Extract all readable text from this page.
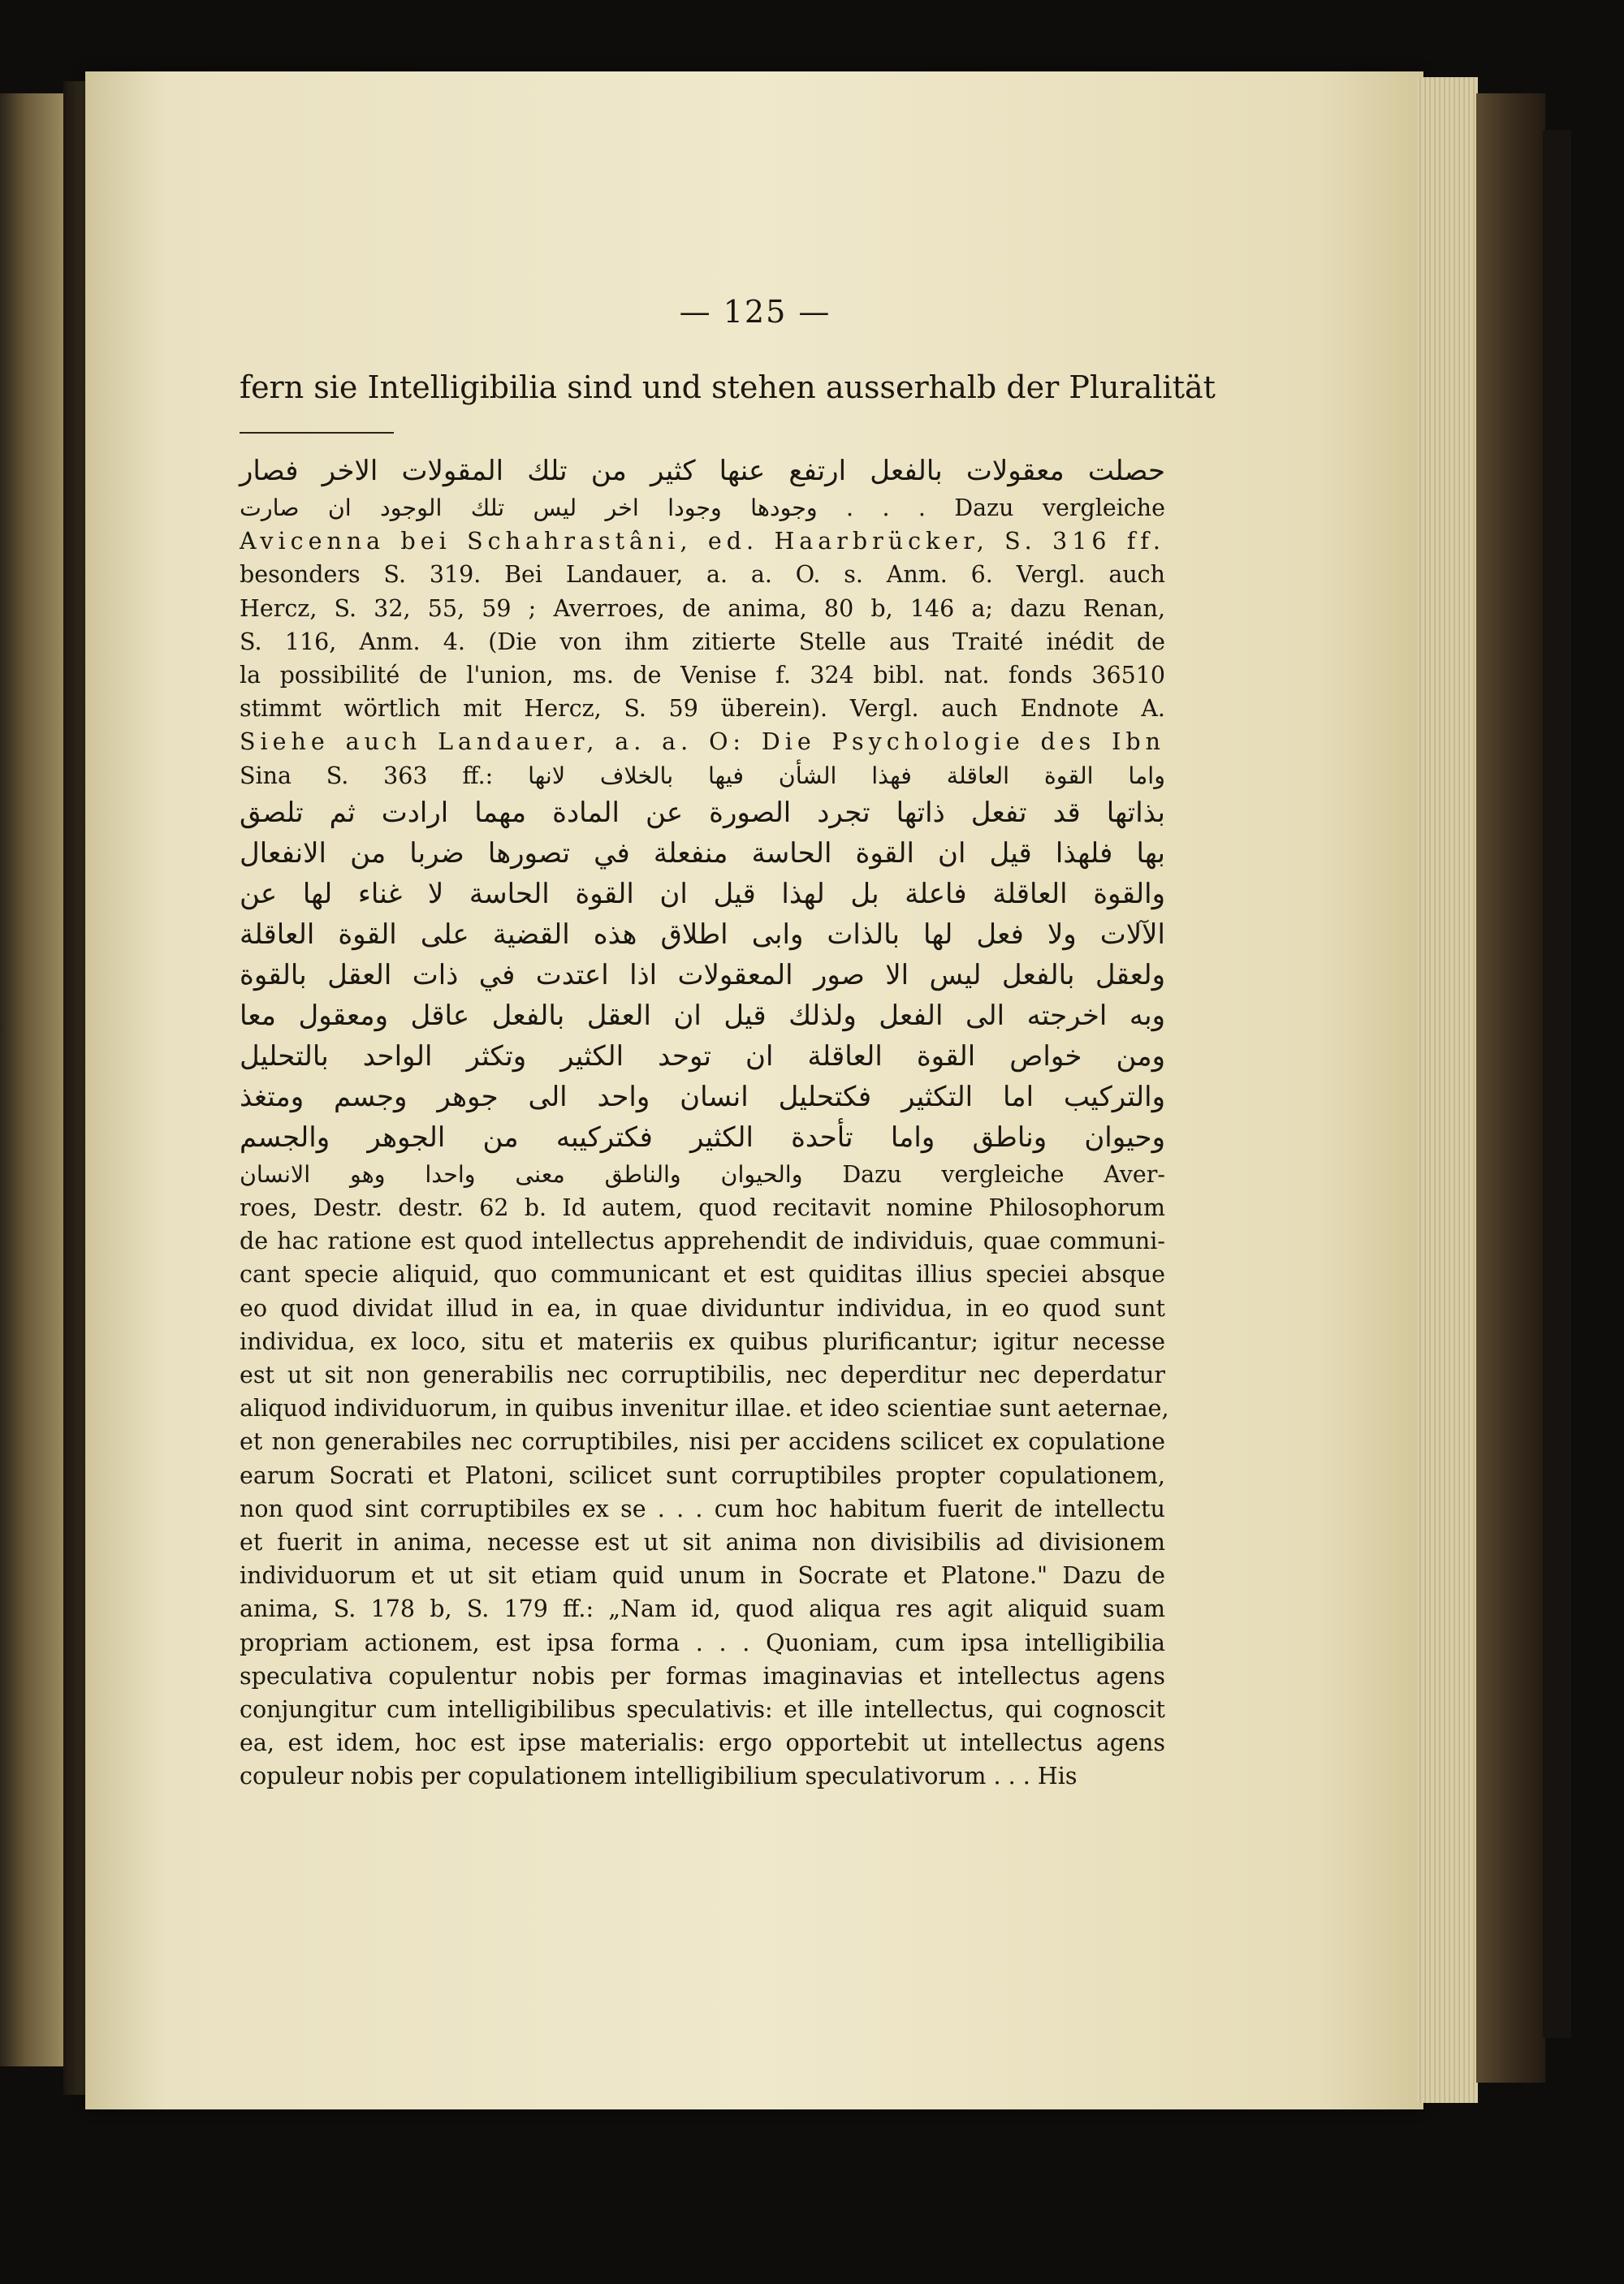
— 125 —
fern sie Intelligibilia sind und stehen ausserhalb der Pluralität
حصلت معقولات بالفعل ارتفع عنها كثير من تلك المقولات الاخر فصار
وجودها وجودا اخر ليس تلك الوجود ان صارت . . . Dazu vergleiche
Avicenna bei Schahrastâni, ed. Haarbrücker, S. 316 ff.
besonders S. 319. Bei Landauer, a. a. O. s. Anm. 6. Vergl. auch
Hercz, S. 32, 55, 59 ; Averroes, de anima, 80 b, 146 a; dazu Renan,
S. 116, Anm. 4. (Die von ihm zitierte Stelle aus Traité inédit de
la possibilité de l'union, ms. de Venise f. 324 bibl. nat. fonds 36510
stimmt wörtlich mit Hercz, S. 59 überein). Vergl. auch Endnote A.
Siehe auch Landauer, a. a. O: Die Psychologie des Ibn
Sina S. 363 ff.: واما القوة العاقلة فهذا الشأن فيها بالخلاف لانها
بذاتها قد تفعل ذاتها تجرد الصورة عن المادة مهما ارادت ثم تلصق
بها فلهذا قيل ان القوة الحاسة منفعلة في تصورها ضربا من الانفعال
والقوة العاقلة فاعلة بل لهذا قيل ان القوة الحاسة لا غناء لها عن
الآلات ولا فعل لها بالذات وابى اطلاق هذه القضية على القوة العاقلة
ولعقل بالفعل ليس الا صور المعقولات اذا اعتدت في ذات العقل بالقوة
وبه اخرجته الى الفعل ولذلك قيل ان العقل بالفعل عاقل ومعقول معا
ومن خواص القوة العاقلة ان توحد الكثير وتكثر الواحد بالتحليل
والتركيب اما التكثير فكتحليل انسان واحد الى جوهر وجسم ومتغذ
وحيوان وناطق واما تأحدة الكثير فكتركيبه من الجوهر والجسم
والحيوان والناطق معنى واحدا وهو الانسان Dazu vergleiche Aver-
roes, Destr. destr. 62 b. Id autem, quod recitavit nomine Philosophorum
de hac ratione est quod intellectus apprehendit de individuis, quae communi-
cant specie aliquid, quo communicant et est quiditas illius speciei absque
eo quod dividat illud in ea, in quae dividuntur individua, in eo quod sunt
individua, ex loco, situ et materiis ex quibus plurificantur; igitur necesse
est ut sit non generabilis nec corruptibilis, nec deperditur nec deperdatur
aliquod individuorum, in quibus invenitur illae. et ideo scientiae sunt aeternae,
et non generabiles nec corruptibiles, nisi per accidens scilicet ex copulatione
earum Socrati et Platoni, scilicet sunt corruptibiles propter copulationem,
non quod sint corruptibiles ex se . . . cum hoc habitum fuerit de intellectu
et fuerit in anima, necesse est ut sit anima non divisibilis ad divisionem
individuorum et ut sit etiam quid unum in Socrate et Platone." Dazu de
anima, S. 178 b, S. 179 ff.: „Nam id, quod aliqua res agit aliquid suam
propriam actionem, est ipsa forma . . . Quoniam, cum ipsa intelligibilia
speculativa copulentur nobis per formas imaginavias et intellectus agens
conjungitur cum intelligibilibus speculativis: et ille intellectus, qui cognoscit
ea, est idem, hoc est ipse materialis: ergo opportebit ut intellectus agens
copuleur nobis per copulationem intelligibilium speculativorum . . . His
